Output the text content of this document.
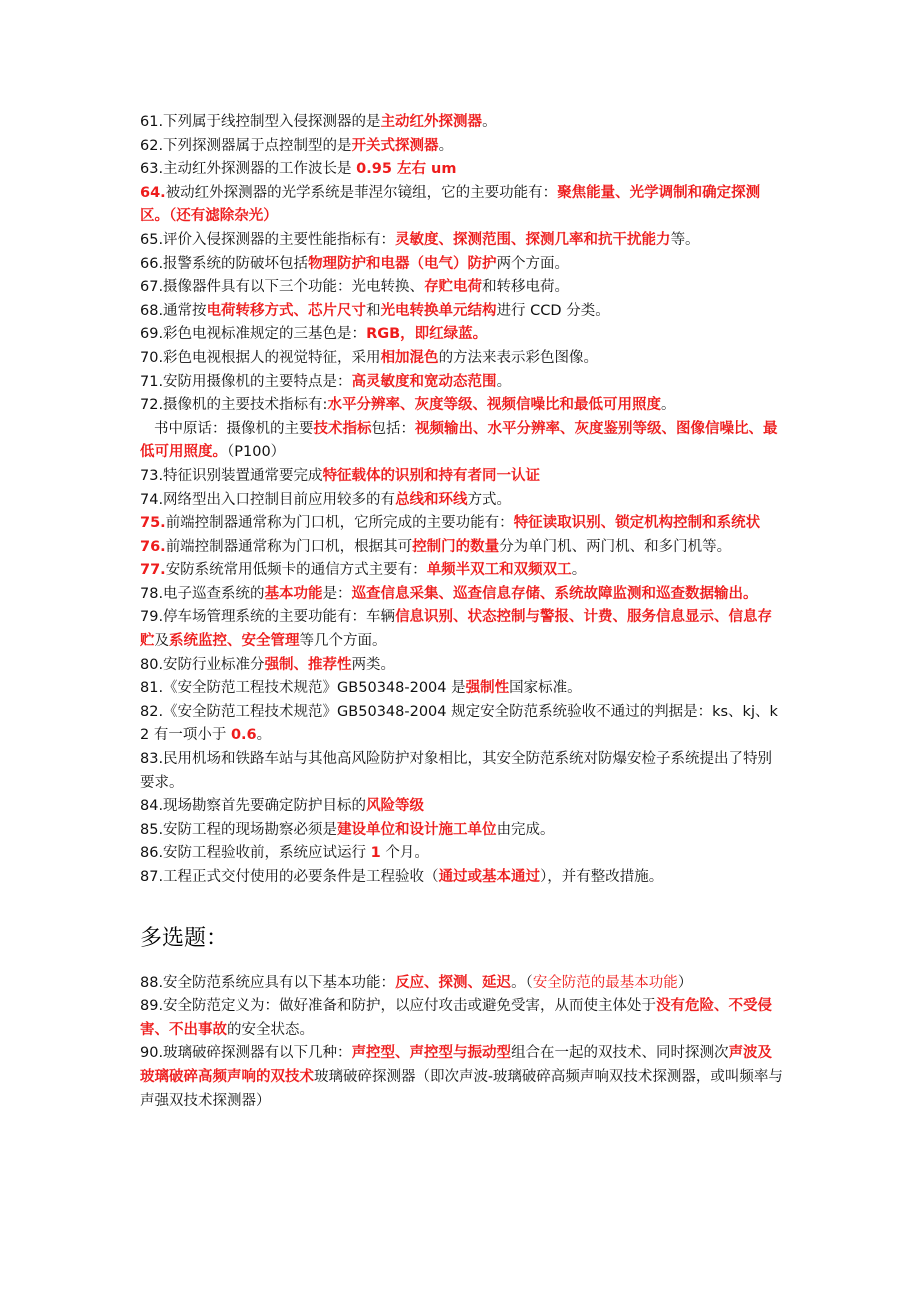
61.下列属于线控制型入侵探测器的是主动红外探测器。

62.下列探测器属于点控制型的是开关式探测器。

63.主动红外探测器的工作波长是 0.95 左右 um

64.被动红外探测器的光学系统是菲涅尔镜组，它的主要功能有：聚焦能量、光学调制和确定探测区。（还有滤除杂光）

65.评价入侵探测器的主要性能指标有：灵敏度、探测范围、探测几率和抗干扰能力等。

66.报警系统的防破坏包括物理防护和电器（电气）防护两个方面。

67.摄像器件具有以下三个功能：光电转换、存贮电荷和转移电荷。

68.通常按电荷转移方式、芯片尺寸和光电转换单元结构进行 CCD 分类。

69.彩色电视标准规定的三基色是：RGB，即红绿蓝。

70.彩色电视根据人的视觉特征，采用相加混色的方法来表示彩色图像。

71.安防用摄像机的主要特点是：高灵敏度和宽动态范围。

72.摄像机的主要技术指标有:水平分辨率、灰度等级、视频信噪比和最低可用照度。

书中原话：摄像机的主要技术指标包括：视频输出、水平分辨率、灰度鉴别等级、图像信噪比、最低可用照度。（P100）

73.特征识别装置通常要完成特征载体的识别和持有者同一认证

74.网络型出入口控制目前应用较多的有总线和环线方式。

75.前端控制器通常称为门口机，它所完成的主要功能有：特征读取识别、锁定机构控制和系统状

76.前端控制器通常称为门口机，根据其可控制门的数量分为单门机、两门机、和多门机等。

77.安防系统常用低频卡的通信方式主要有：单频半双工和双频双工。

78.电子巡查系统的基本功能是：巡查信息采集、巡查信息存储、系统故障监测和巡查数据输出。

79.停车场管理系统的主要功能有：车辆信息识别、状态控制与警报、计费、服务信息显示、信息存贮及系统监控、安全管理等几个方面。

80.安防行业标准分强制、推荐性两类。

81.《安全防范工程技术规范》GB50348-2004 是强制性国家标准。

82.《安全防范工程技术规范》GB50348-2004 规定安全防范系统验收不通过的判据是：ks、kj、k2 有一项小于 0.6。

83.民用机场和铁路车站与其他高风险防护对象相比，其安全防范系统对防爆安检子系统提出了特别要求。

84.现场勘察首先要确定防护目标的风险等级

85.安防工程的现场勘察必须是建设单位和设计施工单位由完成。

86.安防工程验收前，系统应试运行 1 个月。

87.工程正式交付使用的必要条件是工程验收（通过或基本通过），并有整改措施。

多选题：

88.安全防范系统应具有以下基本功能：反应、探测、延迟。（安全防范的最基本功能）

89.安全防范定义为：做好准备和防护，以应付攻击或避免受害，从而使主体处于没有危险、不受侵害、不出事故的安全状态。

90.玻璃破碎探测器有以下几种：声控型、声控型与振动型组合在一起的双技术、同时探测次声波及玻璃破碎高频声响的双技术玻璃破碎探测器（即次声波-玻璃破碎高频声响双技术探测器，或叫频率与声强双技术探测器）
